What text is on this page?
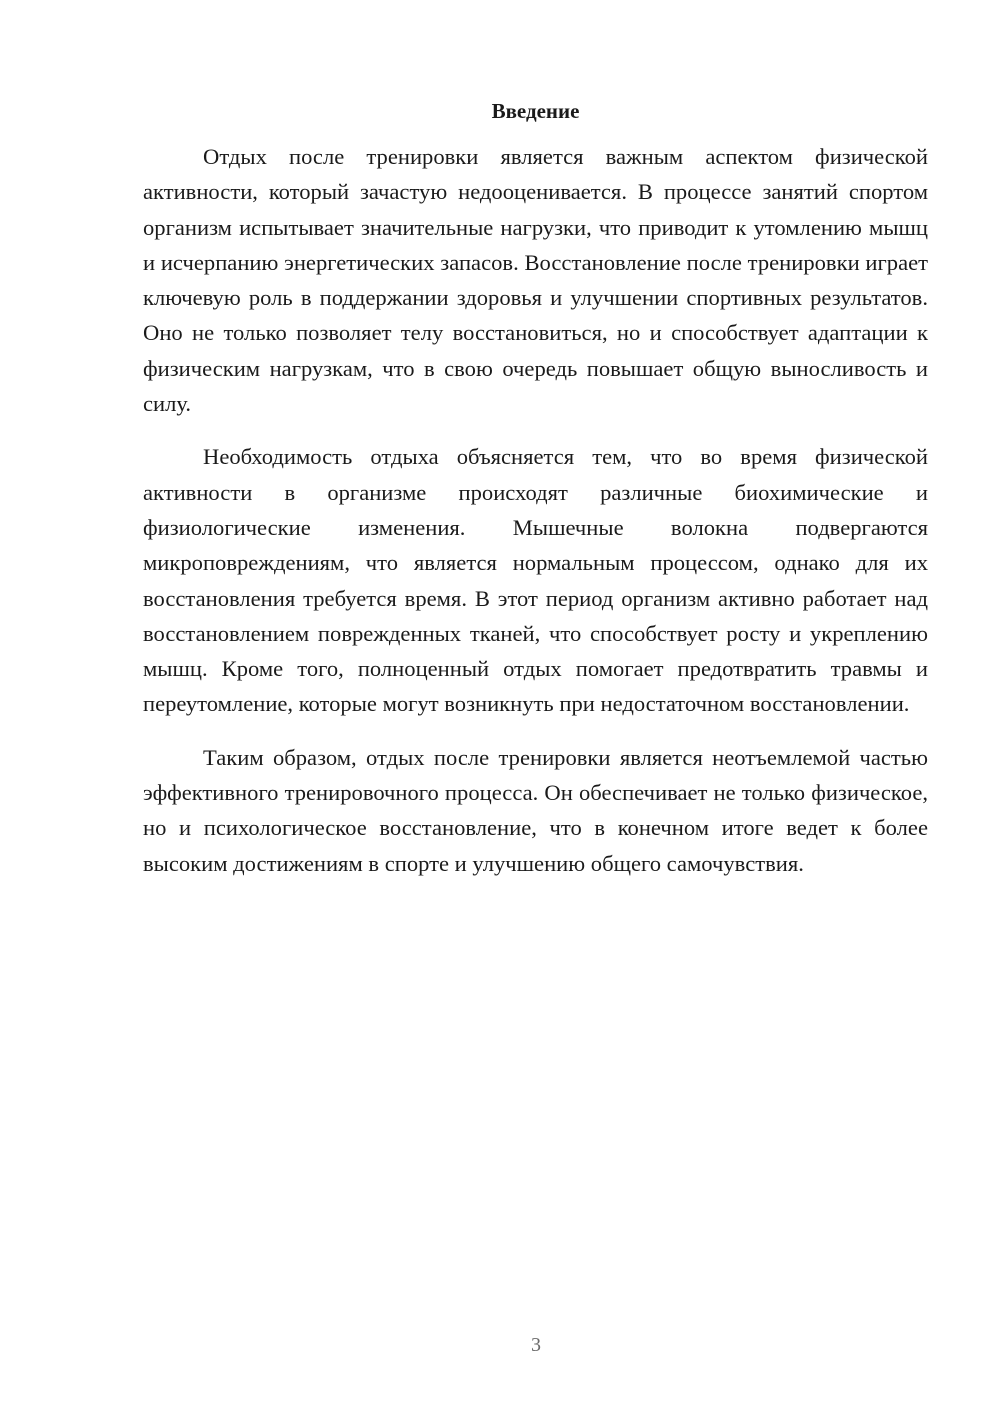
Введение

Отдых после тренировки является важным аспектом физической активности, который зачастую недооценивается. В процессе занятий спортом организм испытывает значительные нагрузки, что приводит к утомлению мышц и исчерпанию энергетических запасов. Восстановление после тренировки играет ключевую роль в поддержании здоровья и улучшении спортивных результатов. Оно не только позволяет телу восстановиться, но и способствует адаптации к физическим нагрузкам, что в свою очередь повышает общую выносливость и силу.

Необходимость отдыха объясняется тем, что во время физической активности в организме происходят различные биохимические и физиологические изменения. Мышечные волокна подвергаются микроповреждениям, что является нормальным процессом, однако для их восстановления требуется время. В этот период организм активно работает над восстановлением поврежденных тканей, что способствует росту и укреплению мышц. Кроме того, полноценный отдых помогает предотвратить травмы и переутомление, которые могут возникнуть при недостаточном восстановлении.

Таким образом, отдых после тренировки является неотъемлемой частью эффективного тренировочного процесса. Он обеспечивает не только физическое, но и психологическое восстановление, что в конечном итоге ведет к более высоким достижениям в спорте и улучшению общего самочувствия.

3
